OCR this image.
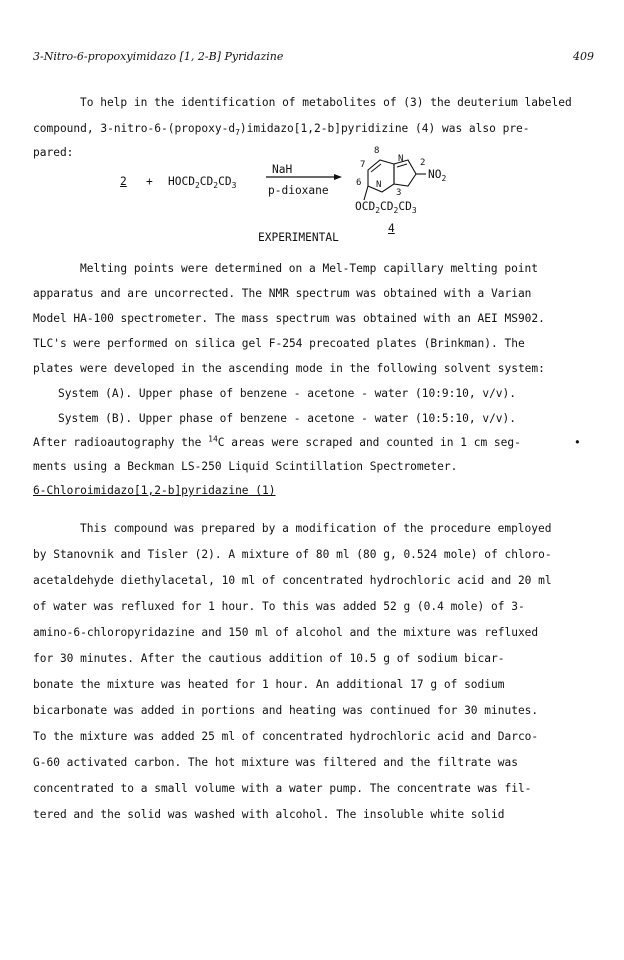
3-Nitro-6-propoxyimidazo [1, 2-B] Pyridazine	409
To help in the identification of metabolites of (3) the deuterium labeled
compound, $3-nitro-6-(propoxy-d_7)imidazo[1,2-b]pyridizine$ (4) was also pre-
pared:
$2 + HOCD_2CD_2CD_3$
NaH
p-dioxane
8
7
6
N
N
2
3
$NO_2$
$OCD_2CD_2CD_3$
4
EXPERIMENTAL
Melting points were determined on a Mel-Temp capillary melting point
apparatus and are uncorrected. The NMR spectrum was obtained with a Varian
Model HA-100 spectrometer. The mass spectrum was obtained with an AEI MS902.
TLC's were performed on silica gel F-254 precoated plates (Brinkman). The
plates were developed in the ascending mode in the following solvent system:
System (A). Upper phase of benzene - acetone - water (10:9:10, v/v).
System (B). Upper phase of benzene - acetone - water (10:5:10, v/v).
After radioautography the $^{14}$C areas were scraped and counted in 1 cm seg-	•
ments using a Beckman LS-250 Liquid Scintillation Spectrometer.
6-Chloroimidazo[1,2-b]pyridazine (1)
This compound was prepared by a modification of the procedure employed
by Stanovnik and Tisler (2). A mixture of 80 ml (80 g, 0.524 mole) of chloro-
acetaldehyde diethylacetal, 10 ml of concentrated hydrochloric acid and 20 ml
of water was refluxed for 1 hour. To this was added 52 g (0.4 mole) of 3-
amino-6-chloropyridazine and 150 ml of alcohol and the mixture was refluxed
for 30 minutes. After the cautious addition of 10.5 g of sodium bicar-
bonate the mixture was heated for 1 hour. An additional 17 g of sodium
bicarbonate was added in portions and heating was continued for 30 minutes.
To the mixture was added 25 ml of concentrated hydrochloric acid and Darco-
G-60 activated carbon. The hot mixture was filtered and the filtrate was
concentrated to a small volume with a water pump. The concentrate was fil-
tered and the solid was washed with alcohol. The insoluble white solid
